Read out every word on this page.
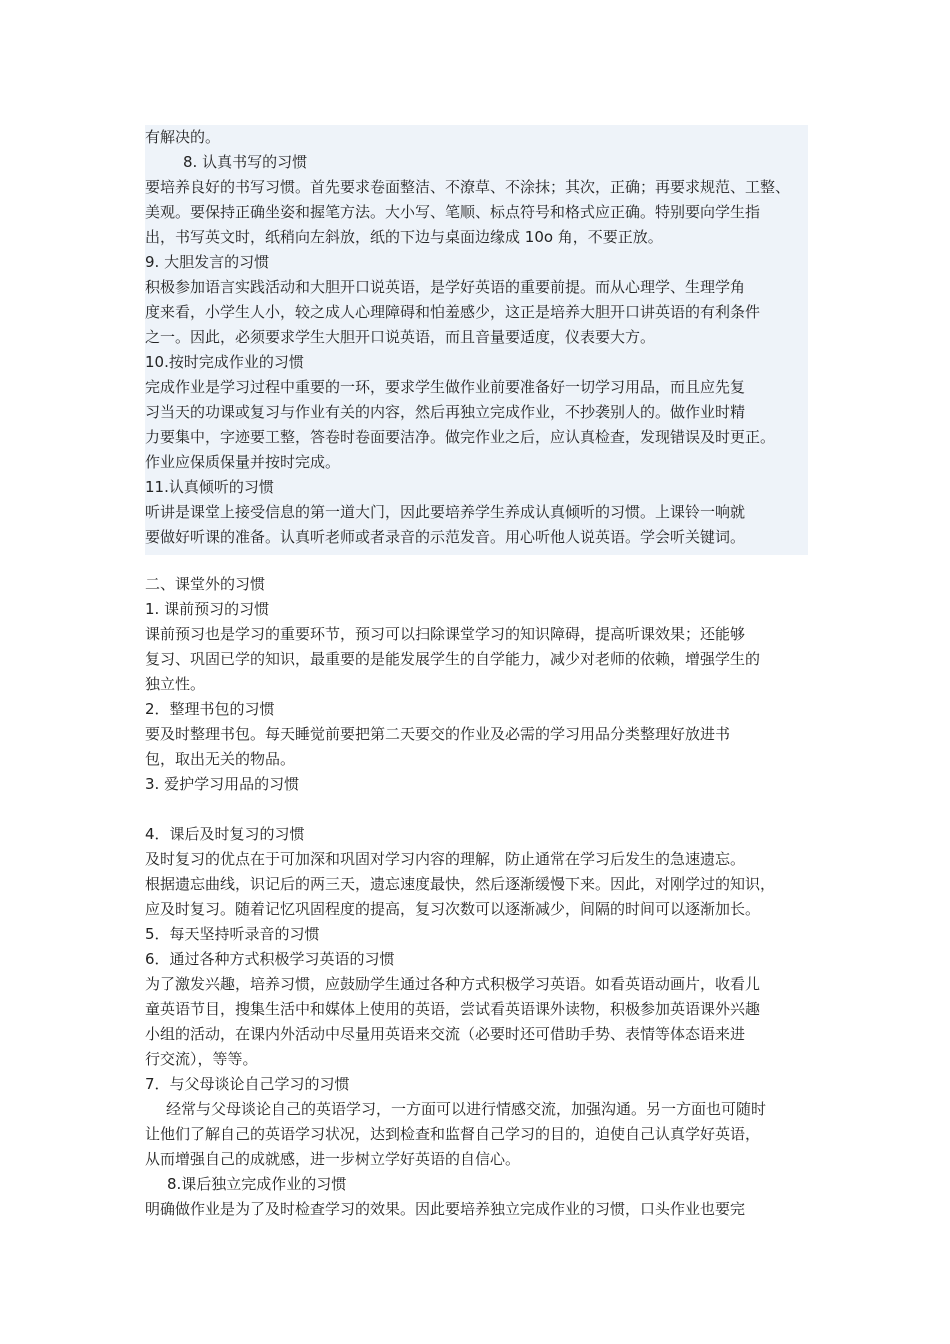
有解决的。
8. 认真书写的习惯
要培养良好的书写习惯。首先要求卷面整洁、不潦草、不涂抹；其次，正确；再要求规范、工整、
美观。要保持正确坐姿和握笔方法。大小写、笔顺、标点符号和格式应正确。特别要向学生指
出，书写英文时，纸稍向左斜放，纸的下边与桌面边缘成 10o 角，不要正放。
9. 大胆发言的习惯
积极参加语言实践活动和大胆开口说英语，是学好英语的重要前提。而从心理学、生理学角
度来看，小学生人小，较之成人心理障碍和怕羞感少，这正是培养大胆开口讲英语的有利条件
之一。因此，必须要求学生大胆开口说英语，而且音量要适度，仪表要大方。
10.按时完成作业的习惯
完成作业是学习过程中重要的一环，要求学生做作业前要准备好一切学习用品，而且应先复
习当天的功课或复习与作业有关的内容，然后再独立完成作业，不抄袭别人的。做作业时精
力要集中，字迹要工整，答卷时卷面要洁净。做完作业之后，应认真检查，发现错误及时更正。
作业应保质保量并按时完成。
11.认真倾听的习惯
听讲是课堂上接受信息的第一道大门，因此要培养学生养成认真倾听的习惯。上课铃一响就
要做好听课的准备。认真听老师或者录音的示范发音。用心听他人说英语。学会听关键词。
二、课堂外的习惯
1. 课前预习的习惯
课前预习也是学习的重要环节，预习可以扫除课堂学习的知识障碍，提高听课效果；还能够
复习、巩固已学的知识，最重要的是能发展学生的自学能力，减少对老师的依赖，增强学生的
独立性。
2．整理书包的习惯
要及时整理书包。每天睡觉前要把第二天要交的作业及必需的学习用品分类整理好放进书
包，取出无关的物品。
3. 爱护学习用品的习惯
4．课后及时复习的习惯
及时复习的优点在于可加深和巩固对学习内容的理解，防止通常在学习后发生的急速遗忘。
根据遗忘曲线，识记后的两三天，遗忘速度最快，然后逐渐缓慢下来。因此，对刚学过的知识，
应及时复习。随着记忆巩固程度的提高，复习次数可以逐渐减少，间隔的时间可以逐渐加长。
5．每天坚持听录音的习惯
6．通过各种方式积极学习英语的习惯
为了激发兴趣，培养习惯，应鼓励学生通过各种方式积极学习英语。如看英语动画片，收看儿
童英语节目，搜集生活中和媒体上使用的英语，尝试看英语课外读物，积极参加英语课外兴趣
小组的活动，在课内外活动中尽量用英语来交流（必要时还可借助手势、表情等体态语来进
行交流），等等。
7．与父母谈论自己学习的习惯
经常与父母谈论自己的英语学习，一方面可以进行情感交流，加强沟通。另一方面也可随时
让他们了解自己的英语学习状况，达到检查和监督自己学习的目的，迫使自己认真学好英语，
从而增强自己的成就感，进一步树立学好英语的自信心。
8.课后独立完成作业的习惯
明确做作业是为了及时检查学习的效果。因此要培养独立完成作业的习惯，口头作业也要完
